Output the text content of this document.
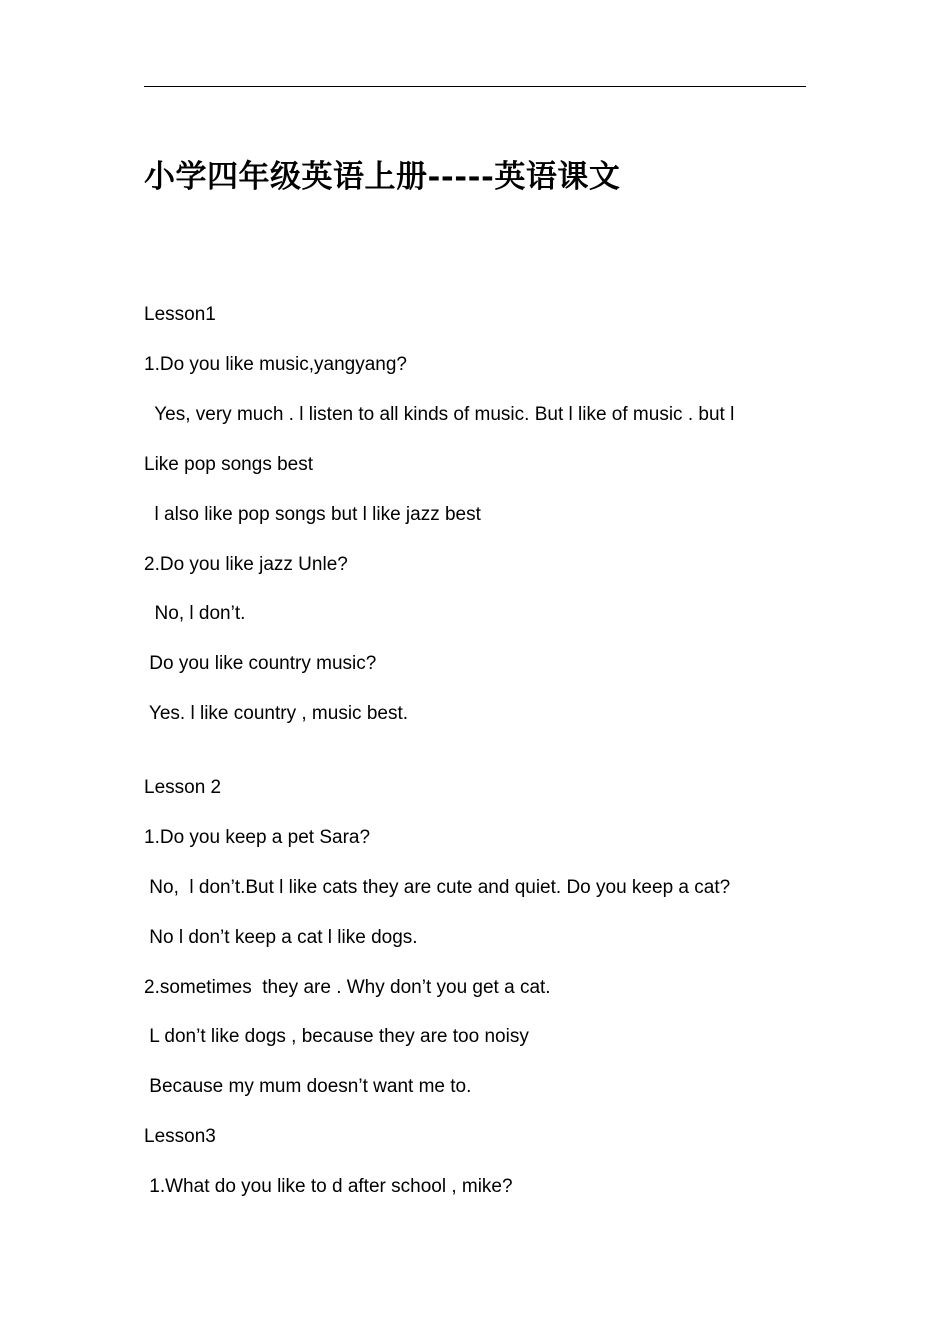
小学四年级英语上册-----英语课文
Lesson1
1.Do you like music,yangyang?
Yes, very much . l listen to all kinds of music. But l like of music . but l
Like pop songs best
l also like pop songs but l like jazz best
2.Do you like jazz Unle?
No, l don’t.
Do you like country music?
Yes. l like country , music best.
Lesson 2
1.Do you keep a pet Sara?
No,  l don’t.But l like cats they are cute and quiet. Do you keep a cat?
No l don’t keep a cat l like dogs.
2.sometimes  they are . Why don’t you get a cat.
L don’t like dogs , because they are too noisy
Because my mum doesn’t want me to.
Lesson3
1.What do you like to d after school , mike?
